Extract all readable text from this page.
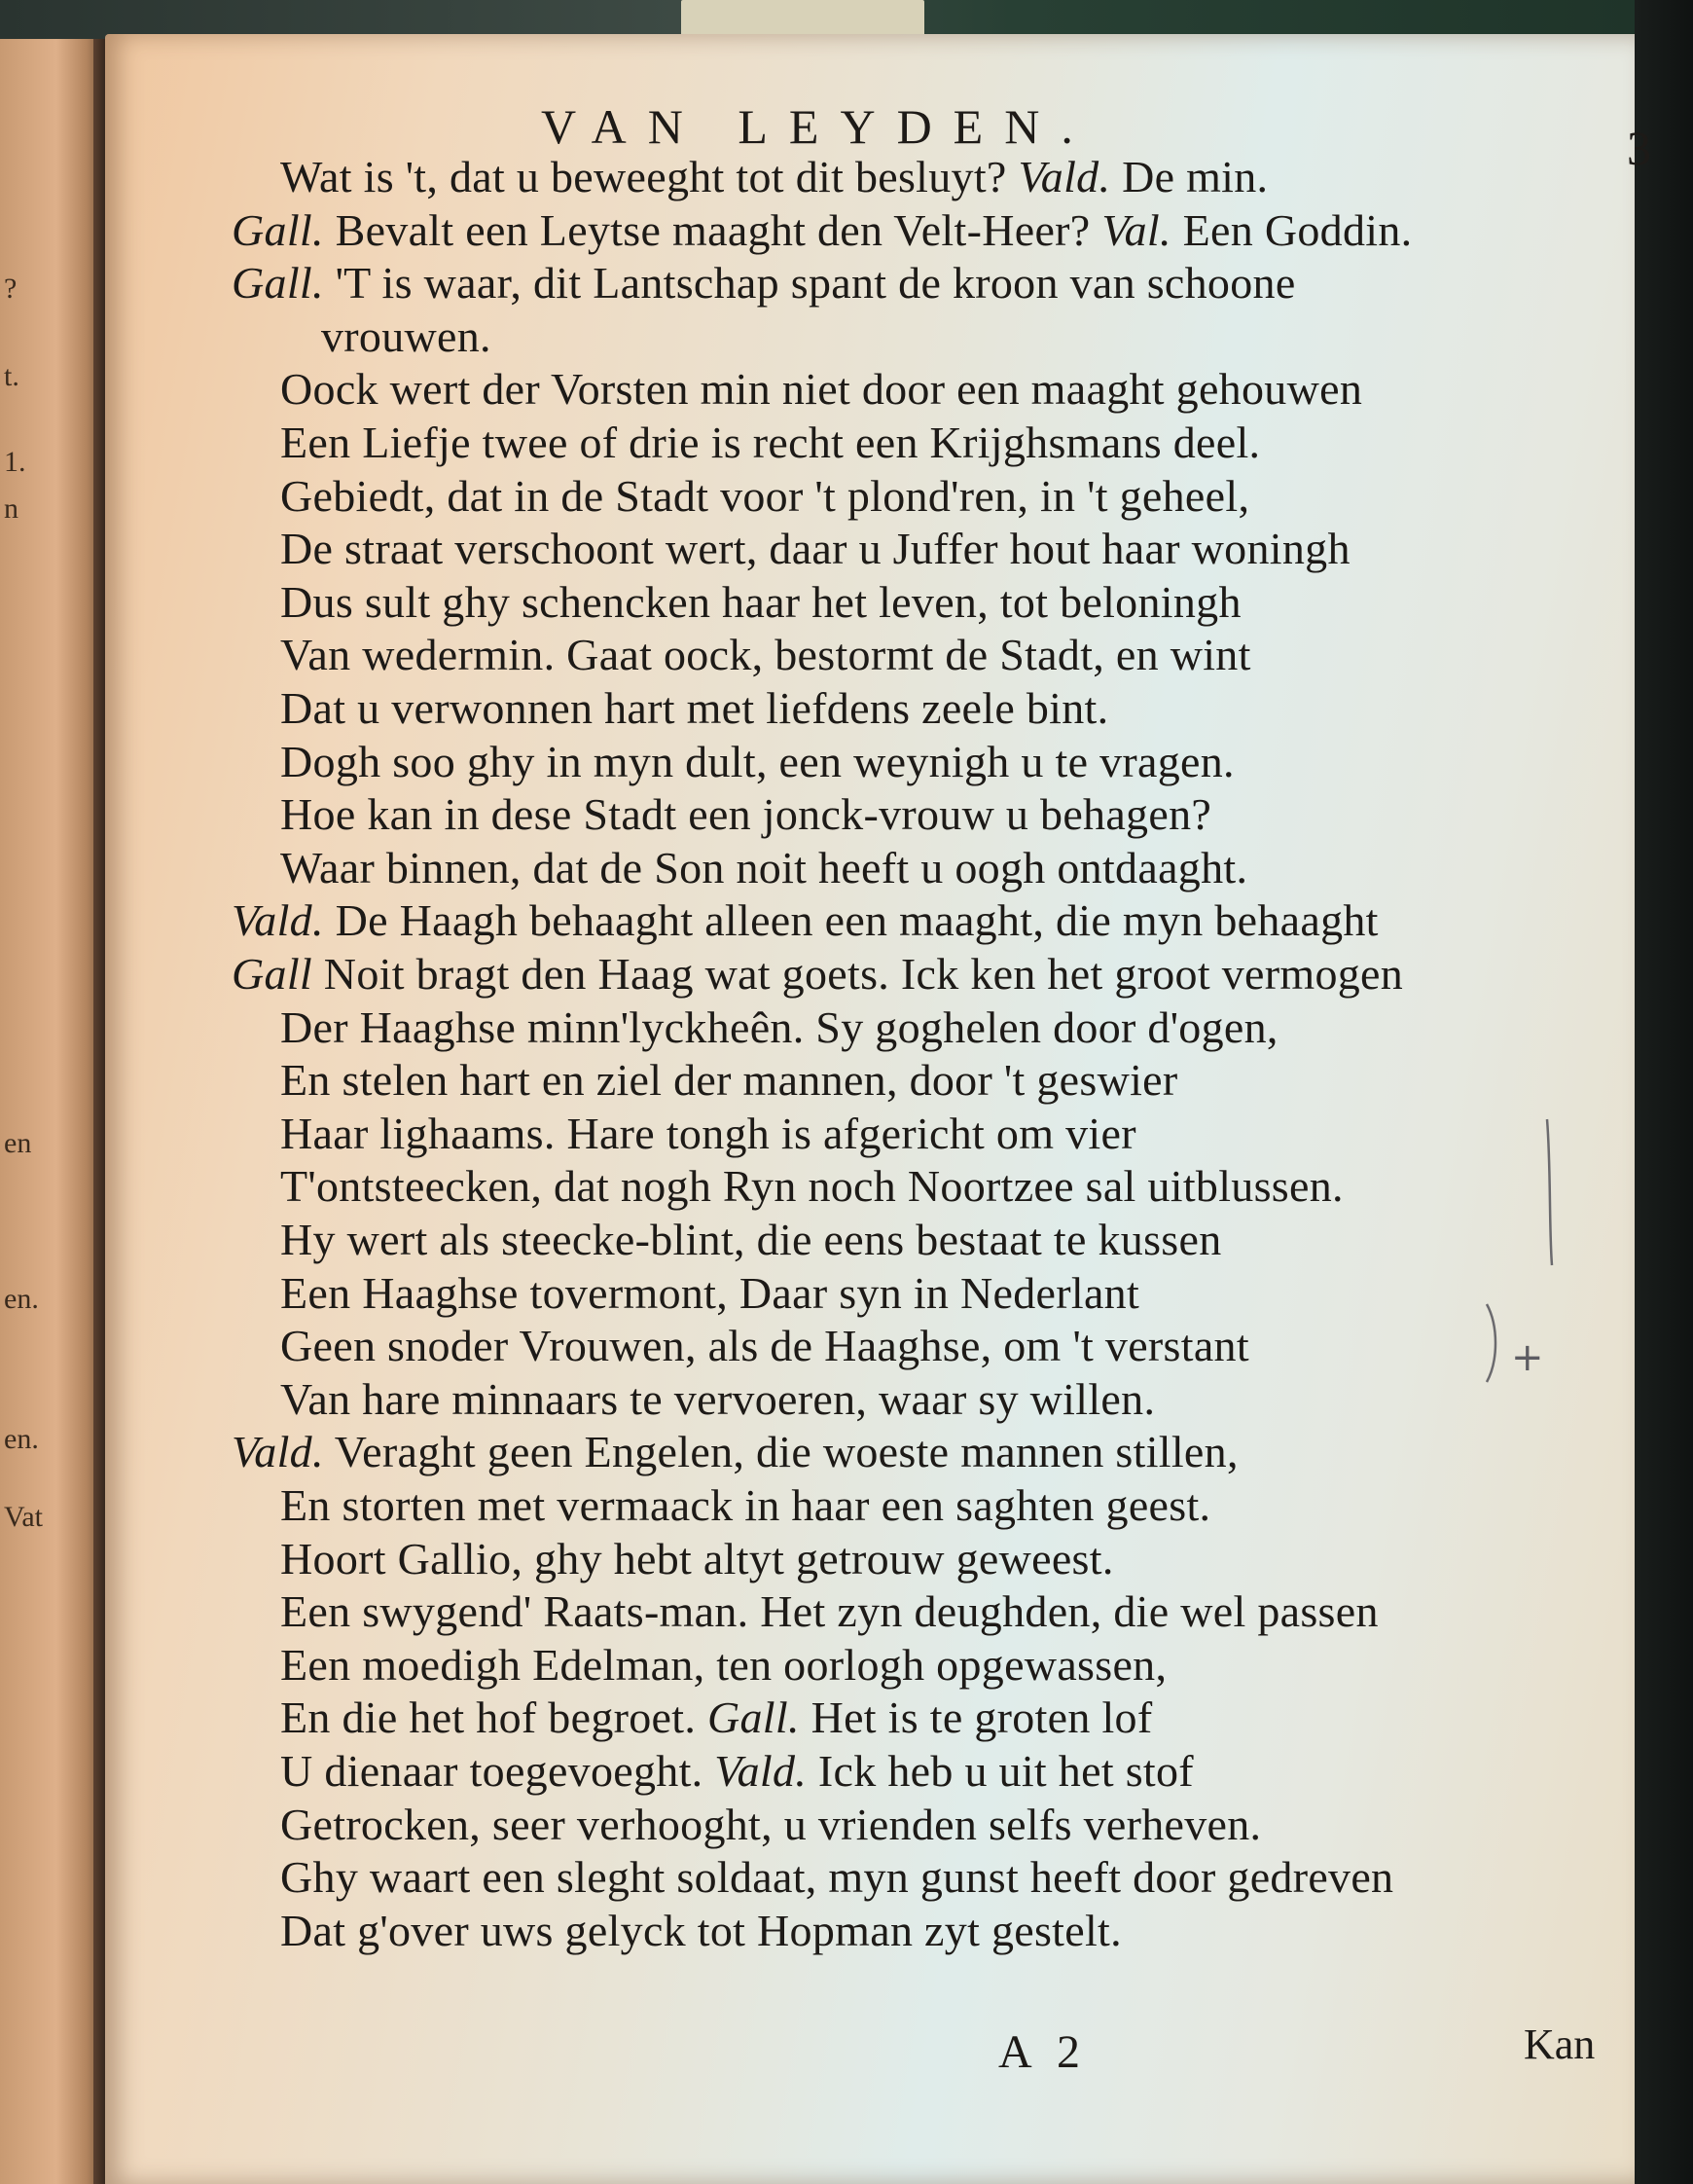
?
t.
1.
n
en
en.
en.
Vat
VAN LEYDEN.	3
Wat is 't, dat u beweeght tot dit besluyt? Vald. De min.
Gall. Bevalt een Leytse maaght den Velt-Heer? Val. Een Goddin.
Gall. 'T is waar, dit Lantschap spant de kroon van schoone
vrouwen.
Oock wert der Vorsten min niet door een maaght gehouwen
Een Liefje twee of drie is recht een Krijghsmans deel.
Gebiedt, dat in de Stadt voor 't plond'ren, in 't geheel,
De straat verschoont wert, daar u Juffer hout haar woningh
Dus sult ghy schencken haar het leven, tot beloningh
Van wedermin. Gaat oock, bestormt de Stadt, en wint
Dat u verwonnen hart met liefdens zeele bint.
Dogh soo ghy in myn dult, een weynigh u te vragen.
Hoe kan in dese Stadt een jonck-vrouw u behagen?
Waar binnen, dat de Son noit heeft u oogh ontdaaght.
Vald. De Haagh behaaght alleen een maaght, die myn behaaght
Gall Noit bragt den Haag wat goets. Ick ken het groot vermogen
Der Haaghse minn'lyckheên. Sy goghelen door d'ogen,
En stelen hart en ziel der mannen, door 't geswier
Haar lighaams. Hare tongh is afgericht om vier
T'ontsteecken, dat nogh Ryn noch Noortzee sal uitblussen.
Hy wert als steecke-blint, die eens bestaat te kussen
Een Haaghse tovermont, Daar syn in Nederlant
Geen snoder Vrouwen, als de Haaghse, om 't verstant
Van hare minnaars te vervoeren, waar sy willen.
Vald. Veraght geen Engelen, die woeste mannen stillen,
En storten met vermaack in haar een saghten geest.
Hoort Gallio, ghy hebt altyt getrouw geweest.
Een swygend' Raats-man. Het zyn deughden, die wel passen
Een moedigh Edelman, ten oorlogh opgewassen,
En die het hof begroet. Gall. Het is te groten lof
U dienaar toegevoeght. Vald. Ick heb u uit het stof
Getrocken, seer verhooght, u vrienden selfs verheven.
Ghy waart een sleght soldaat, myn gunst heeft door gedreven
Dat g'over uws gelyck tot Hopman zyt gestelt.
A 2	Kan
+
